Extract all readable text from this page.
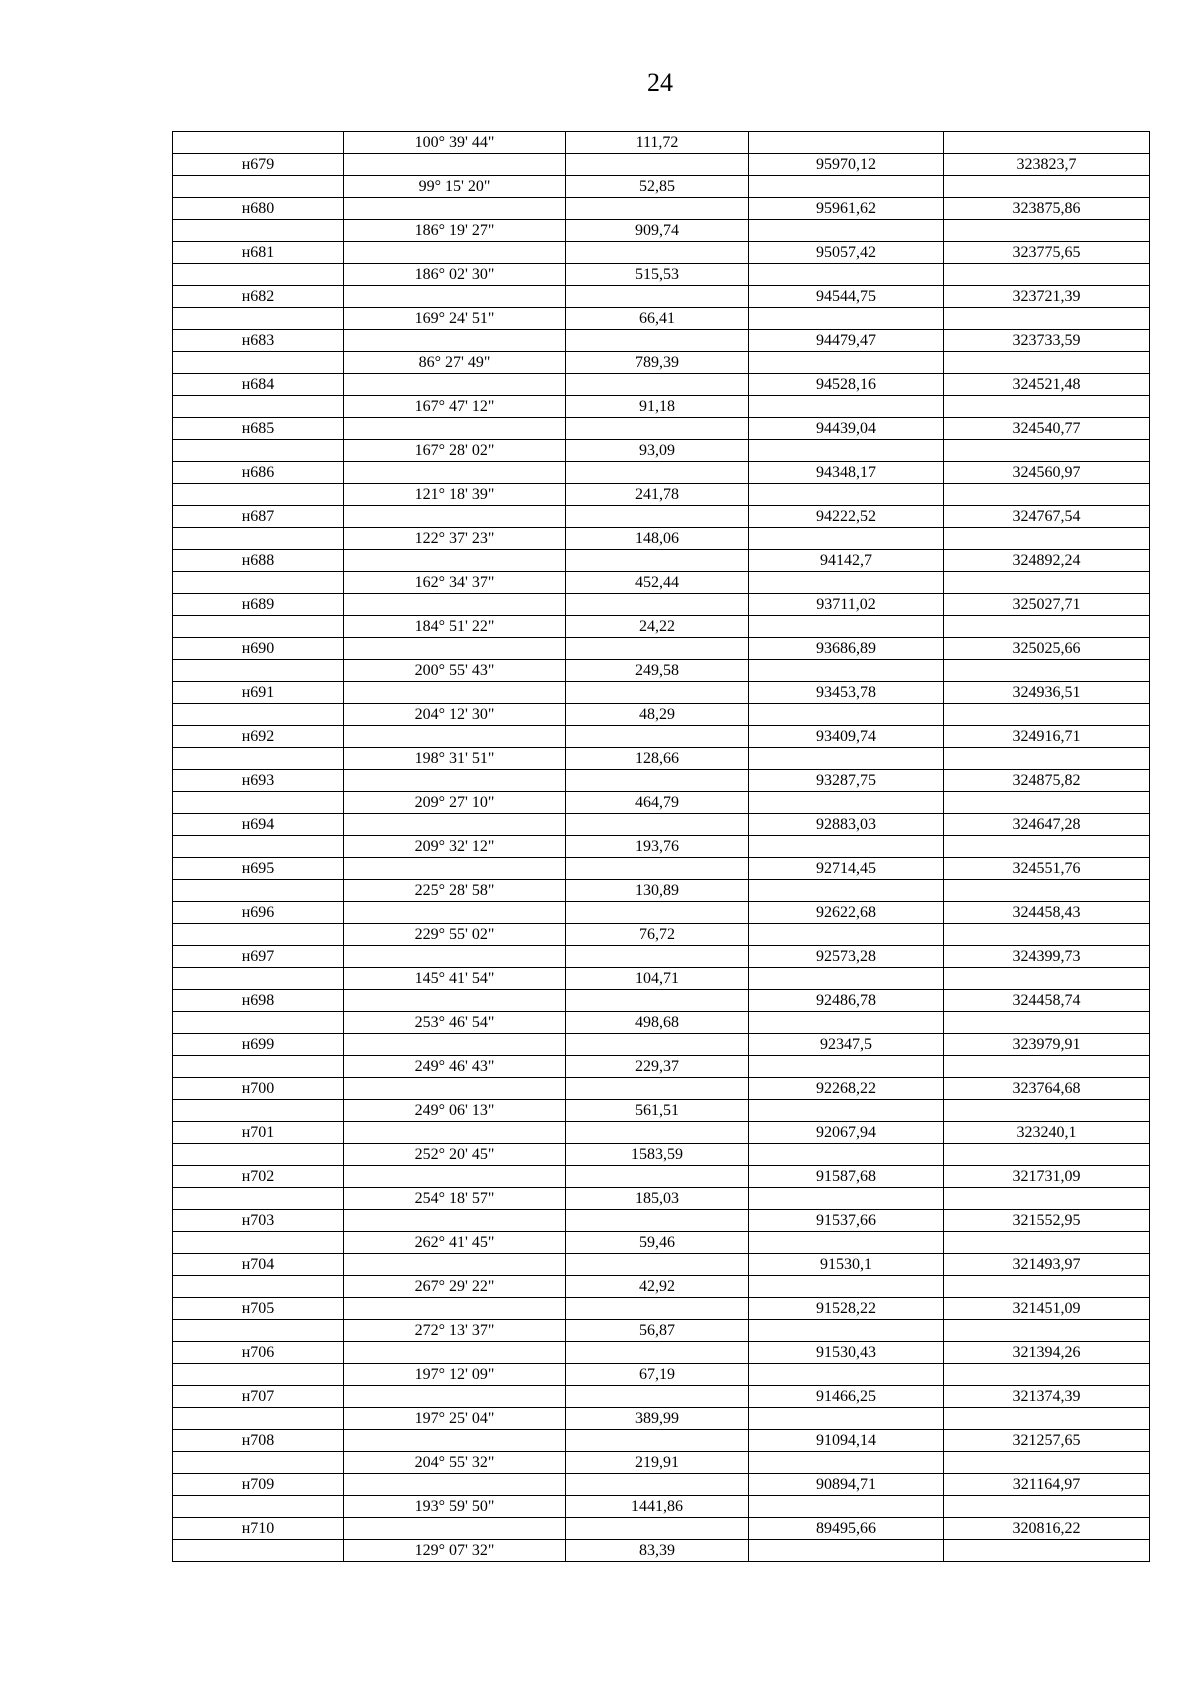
24
	100° 39' 44"	111,72		
н679			95970,12	323823,7
	99° 15' 20"	52,85		
н680			95961,62	323875,86
	186° 19' 27"	909,74		
н681			95057,42	323775,65
	186° 02' 30"	515,53		
н682			94544,75	323721,39
	169° 24' 51"	66,41		
н683			94479,47	323733,59
	86° 27' 49"	789,39		
н684			94528,16	324521,48
	167° 47' 12"	91,18		
н685			94439,04	324540,77
	167° 28' 02"	93,09		
н686			94348,17	324560,97
	121° 18' 39"	241,78		
н687			94222,52	324767,54
	122° 37' 23"	148,06		
н688			94142,7	324892,24
	162° 34' 37"	452,44		
н689			93711,02	325027,71
	184° 51' 22"	24,22		
н690			93686,89	325025,66
	200° 55' 43"	249,58		
н691			93453,78	324936,51
	204° 12' 30"	48,29		
н692			93409,74	324916,71
	198° 31' 51"	128,66		
н693			93287,75	324875,82
	209° 27' 10"	464,79		
н694			92883,03	324647,28
	209° 32' 12"	193,76		
н695			92714,45	324551,76
	225° 28' 58"	130,89		
н696			92622,68	324458,43
	229° 55' 02"	76,72		
н697			92573,28	324399,73
	145° 41' 54"	104,71		
н698			92486,78	324458,74
	253° 46' 54"	498,68		
н699			92347,5	323979,91
	249° 46' 43"	229,37		
н700			92268,22	323764,68
	249° 06' 13"	561,51		
н701			92067,94	323240,1
	252° 20' 45"	1583,59		
н702			91587,68	321731,09
	254° 18' 57"	185,03		
н703			91537,66	321552,95
	262° 41' 45"	59,46		
н704			91530,1	321493,97
	267° 29' 22"	42,92		
н705			91528,22	321451,09
	272° 13' 37"	56,87		
н706			91530,43	321394,26
	197° 12' 09"	67,19		
н707			91466,25	321374,39
	197° 25' 04"	389,99		
н708			91094,14	321257,65
	204° 55' 32"	219,91		
н709			90894,71	321164,97
	193° 59' 50"	1441,86		
н710			89495,66	320816,22
	129° 07' 32"	83,39		
